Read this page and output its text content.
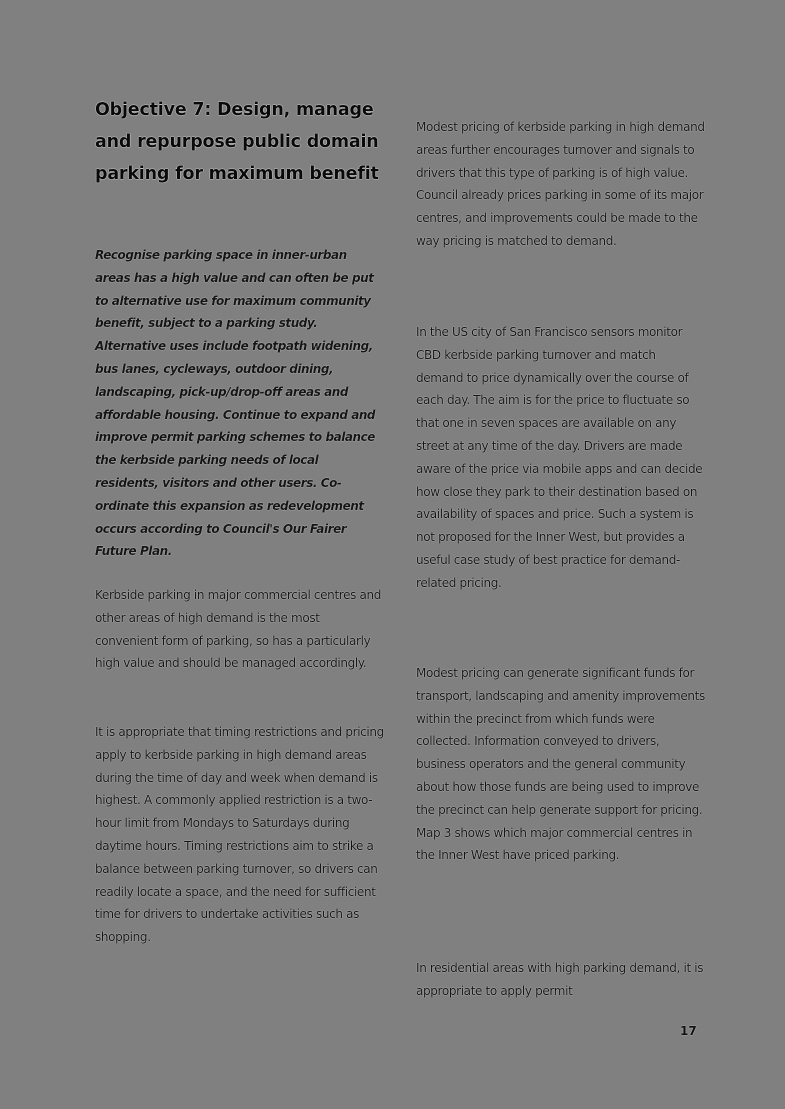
Objective 7: Design, manage and repurpose public domain parking for maximum benefit

Recognise parking space in inner-urban areas has a high value and can often be put to alternative use for maximum community benefit, subject to a parking study. Alternative uses include footpath widening, bus lanes, cycleways, outdoor dining, landscaping, pick-up/drop-off areas and affordable housing. Continue to expand and improve permit parking schemes to balance the kerbside parking needs of local residents, visitors and other users. Co-ordinate this expansion as redevelopment occurs according to Council's Our Fairer Future Plan.

Kerbside parking in major commercial centres and other areas of high demand is the most convenient form of parking, so has a particularly high value and should be managed accordingly.

It is appropriate that timing restrictions and pricing apply to kerbside parking in high demand areas during the time of day and week when demand is highest. A commonly applied restriction is a two-hour limit from Mondays to Saturdays during daytime hours. Timing restrictions aim to strike a balance between parking turnover, so drivers can readily locate a space, and the need for sufficient time for drivers to undertake activities such as shopping.

Modest pricing of kerbside parking in high demand areas further encourages turnover and signals to drivers that this type of parking is of high value. Council already prices parking in some of its major centres, and improvements could be made to the way pricing is matched to demand.

In the US city of San Francisco sensors monitor CBD kerbside parking turnover and match demand to price dynamically over the course of each day. The aim is for the price to fluctuate so that one in seven spaces are available on any street at any time of the day. Drivers are made aware of the price via mobile apps and can decide how close they park to their destination based on availability of spaces and price. Such a system is not proposed for the Inner West, but provides a useful case study of best practice for demand-related pricing.

Modest pricing can generate significant funds for transport, landscaping and amenity improvements within the precinct from which funds were collected. Information conveyed to drivers, business operators and the general community about how those funds are being used to improve the precinct can help generate support for pricing. Map 3 shows which major commercial centres in the Inner West have priced parking.

In residential areas with high parking demand, it is appropriate to apply permit

17
